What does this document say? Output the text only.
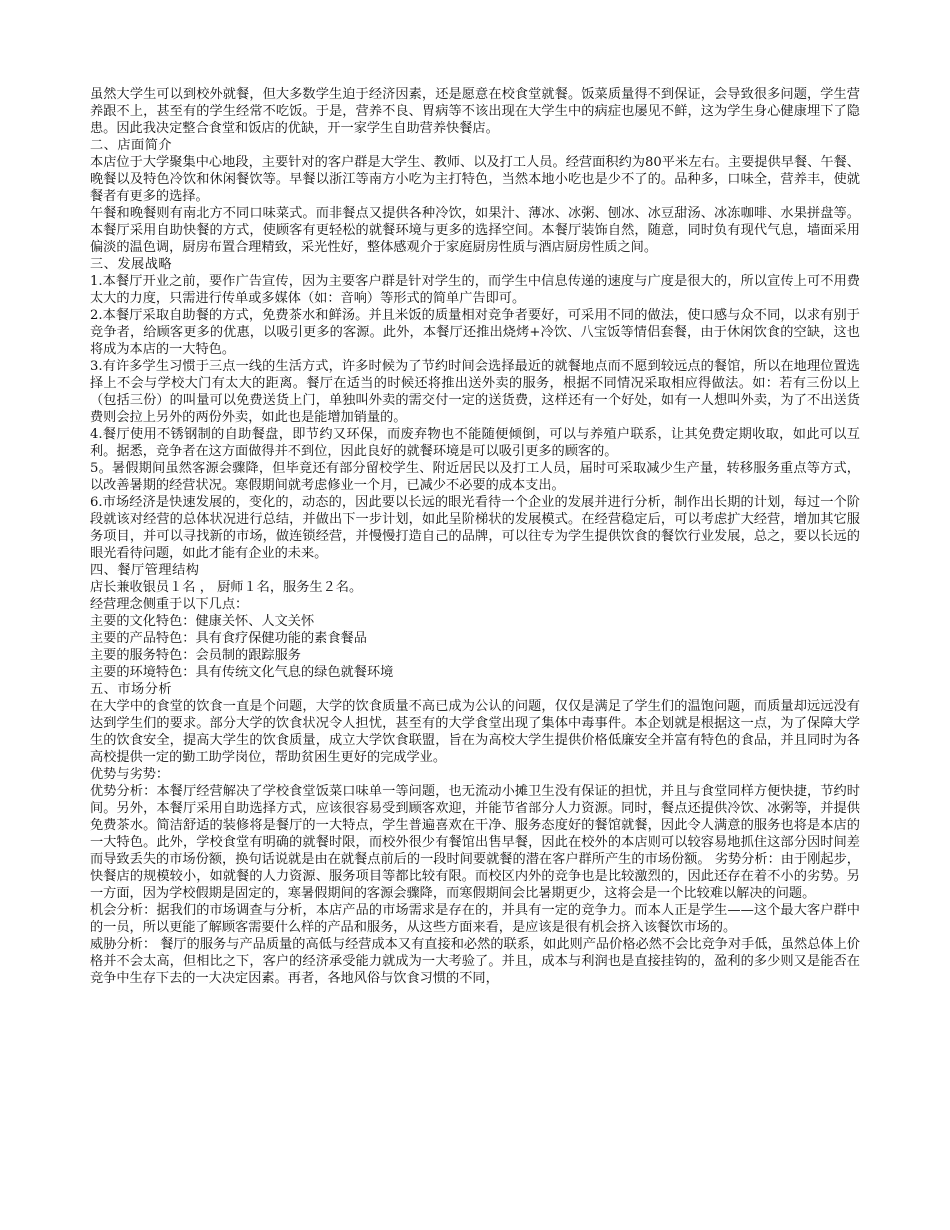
虽然大学生可以到校外就餐，但大多数学生迫于经济因素，还是愿意在校食堂就餐。饭菜质量得不到保证，会导致很多问题，学生营养跟不上，甚至有的学生经常不吃饭。于是，营养不良、胃病等不该出现在大学生中的病症也屡见不鲜，这为学生身心健康埋下了隐患。因此我决定整合食堂和饭店的优缺，开一家学生自助营养快餐店。

二、店面简介

本店位于大学聚集中心地段，主要针对的客户群是大学生、教师、以及打工人员。经营面积约为80平米左右。主要提供早餐、午餐、晚餐以及特色冷饮和休闲餐饮等。早餐以浙江等南方小吃为主打特色，当然本地小吃也是少不了的。品种多，口味全，营养丰，使就餐者有更多的选择。

午餐和晚餐则有南北方不同口味菜式。而非餐点又提供各种冷饮，如果汁、薄冰、冰粥、刨冰、冰豆甜汤、冰冻咖啡、水果拼盘等。本餐厅采用自助快餐的方式，使顾客有更轻松的就餐环境与更多的选择空间。本餐厅装饰自然，随意，同时负有现代气息，墙面采用偏淡的温色调，厨房布置合理精致，采光性好，整体感观介于家庭厨房性质与酒店厨房性质之间。

三、发展战略

1.本餐厅开业之前，要作广告宣传，因为主要客户群是针对学生的，而学生中信息传递的速度与广度是很大的，所以宣传上可不用费太大的力度，只需进行传单或多媒体（如：音响）等形式的简单广告即可。

2.本餐厅采取自助餐的方式，免费茶水和鲜汤。并且米饭的质量相对竞争者要好，可采用不同的做法，使口感与众不同，以求有别于竞争者，给顾客更多的优惠，以吸引更多的客源。此外，本餐厅还推出烧烤+冷饮、八宝饭等情侣套餐，由于休闲饮食的空缺，这也将成为本店的一大特色。

3.有许多学生习惯于三点一线的生活方式，许多时候为了节约时间会选择最近的就餐地点而不愿到较远点的餐馆，所以在地理位置选择上不会与学校大门有太大的距离。餐厅在适当的时候还将推出送外卖的服务，根据不同情况采取相应得做法。如：若有三份以上（包括三份）的叫量可以免费送货上门，单独叫外卖的需交付一定的送货费，这样还有一个好处，如有一人想叫外卖，为了不出送货费则会拉上另外的两份外卖，如此也是能增加销量的。

4.餐厅使用不锈钢制的自助餐盘，即节约又环保，而废弃物也不能随便倾倒，可以与养殖户联系，让其免费定期收取，如此可以互利。据悉，竞争者在这方面做得并不到位，因此良好的就餐环境是可以吸引更多的顾客的。

5。暑假期间虽然客源会骤降，但毕竟还有部分留校学生、附近居民以及打工人员，届时可采取减少生产量，转移服务重点等方式，以改善暑期的经营状况。寒假期间就考虑修业一个月，已减少不必要的成本支出。

6.市场经济是快速发展的，变化的，动态的，因此要以长远的眼光看待一个企业的发展并进行分析，制作出长期的计划，每过一个阶段就该对经营的总体状况进行总结，并做出下一步计划，如此呈阶梯状的发展模式。在经营稳定后，可以考虑扩大经营，增加其它服务项目，并可以寻找新的市场，做连锁经营，并慢慢打造自己的品牌，可以往专为学生提供饮食的餐饮行业发展，总之，要以长远的眼光看待问题，如此才能有企业的未来。

四、餐厅管理结构

店长兼收银员１名 ， 厨师１名，服务生２名。

经营理念侧重于以下几点：

主要的文化特色：健康关怀、人文关怀

主要的产品特色：具有食疗保健功能的素食餐品

主要的服务特色：会员制的跟踪服务

主要的环境特色：具有传统文化气息的绿色就餐环境

五、市场分析

在大学中的食堂的饮食一直是个问题，大学的饮食质量不高已成为公认的问题，仅仅是满足了学生们的温饱问题，而质量却远远没有达到学生们的要求。部分大学的饮食状况令人担忧，甚至有的大学食堂出现了集体中毒事件。本企划就是根据这一点，为了保障大学生的饮食安全，提高大学生的饮食质量，成立大学饮食联盟，旨在为高校大学生提供价格低廉安全并富有特色的食品，并且同时为各高校提供一定的勤工助学岗位，帮助贫困生更好的完成学业。

优势与劣势：

优势分析：本餐厅经营解决了学校食堂饭菜口味单一等问题，也无流动小摊卫生没有保证的担忧，并且与食堂同样方便快捷，节约时间。另外，本餐厅采用自助选择方式，应该很容易受到顾客欢迎，并能节省部分人力资源。同时，餐点还提供冷饮、冰粥等，并提供免费茶水。简洁舒适的装修将是餐厅的一大特点，学生普遍喜欢在干净、服务态度好的餐馆就餐，因此令人满意的服务也将是本店的一大特色。此外，学校食堂有明确的就餐时限，而校外很少有餐馆出售早餐，因此在校外的本店则可以较容易地抓住这部分因时间差而导致丢失的市场份额，换句话说就是由在就餐点前后的一段时间要就餐的潜在客户群所产生的市场份额。 劣势分析：由于刚起步，快餐店的规模较小，如就餐的人力资源、服务项目等都比较有限。而校区内外的竞争也是比较激烈的，因此还存在着不小的劣势。另一方面，因为学校假期是固定的，寒暑假期间的客源会骤降，而寒假期间会比暑期更少，这将会是一个比较难以解决的问题。

机会分析：据我们的市场调查与分析，本店产品的市场需求是存在的，并具有一定的竞争力。而本人正是学生——这个最大客户群中的一员，所以更能了解顾客需要什么样的产品和服务，从这些方面来看，是应该是很有机会挤入该餐饮市场的。

威胁分析： 餐厅的服务与产品质量的高低与经营成本又有直接和必然的联系，如此则产品价格必然不会比竞争对手低，虽然总体上价格并不会太高，但相比之下，客户的经济承受能力就成为一大考验了。并且，成本与利润也是直接挂钩的，盈利的多少则又是能否在竞争中生存下去的一大决定因素。再者，各地风俗与饮食习惯的不同，
